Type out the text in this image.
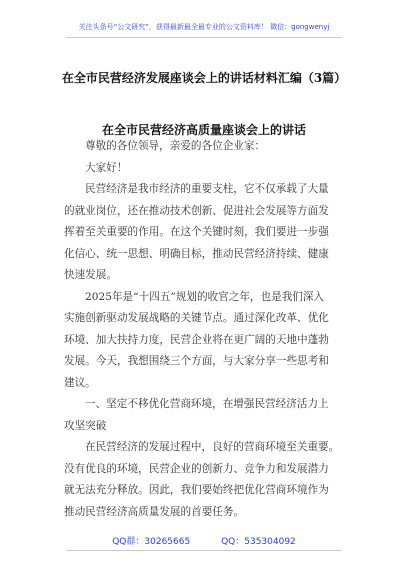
关注头条号“公文研究”，获得最新最全最专业的公文资料库！ 微信：gongwenyj
在全市民营经济发展座谈会上的讲话材料汇编（3篇）
在全市民营经济高质量座谈会上的讲话
尊敬的各位领导，亲爱的各位企业家：
大家好！
民营经济是我市经济的重要支柱，它不仅承载了大量
的就业岗位，还在推动技术创新、促进社会发展等方面发
挥着至关重要的作用。在这个关键时刻，我们要进一步强
化信心、统一思想、明确目标，推动民营经济持续、健康
快速发展。
2025年是“十四五”规划的收官之年，也是我们深入
实施创新驱动发展战略的关键节点。通过深化改革、优化
环境、加大扶持力度，民营企业将在更广阔的天地中蓬勃
发展。今天，我想围绕三个方面，与大家分享一些思考和
建议。
一、坚定不移优化营商环境，在增强民营经济活力上
攻坚突破
在民营经济的发展过程中，良好的营商环境至关重要。
没有优良的环境，民营企业的创新力、竞争力和发展潜力
就无法充分释放。因此，我们要始终把优化营商环境作为
推动民营经济高质量发展的首要任务。
QQ群：30265665	QQ：535304092
